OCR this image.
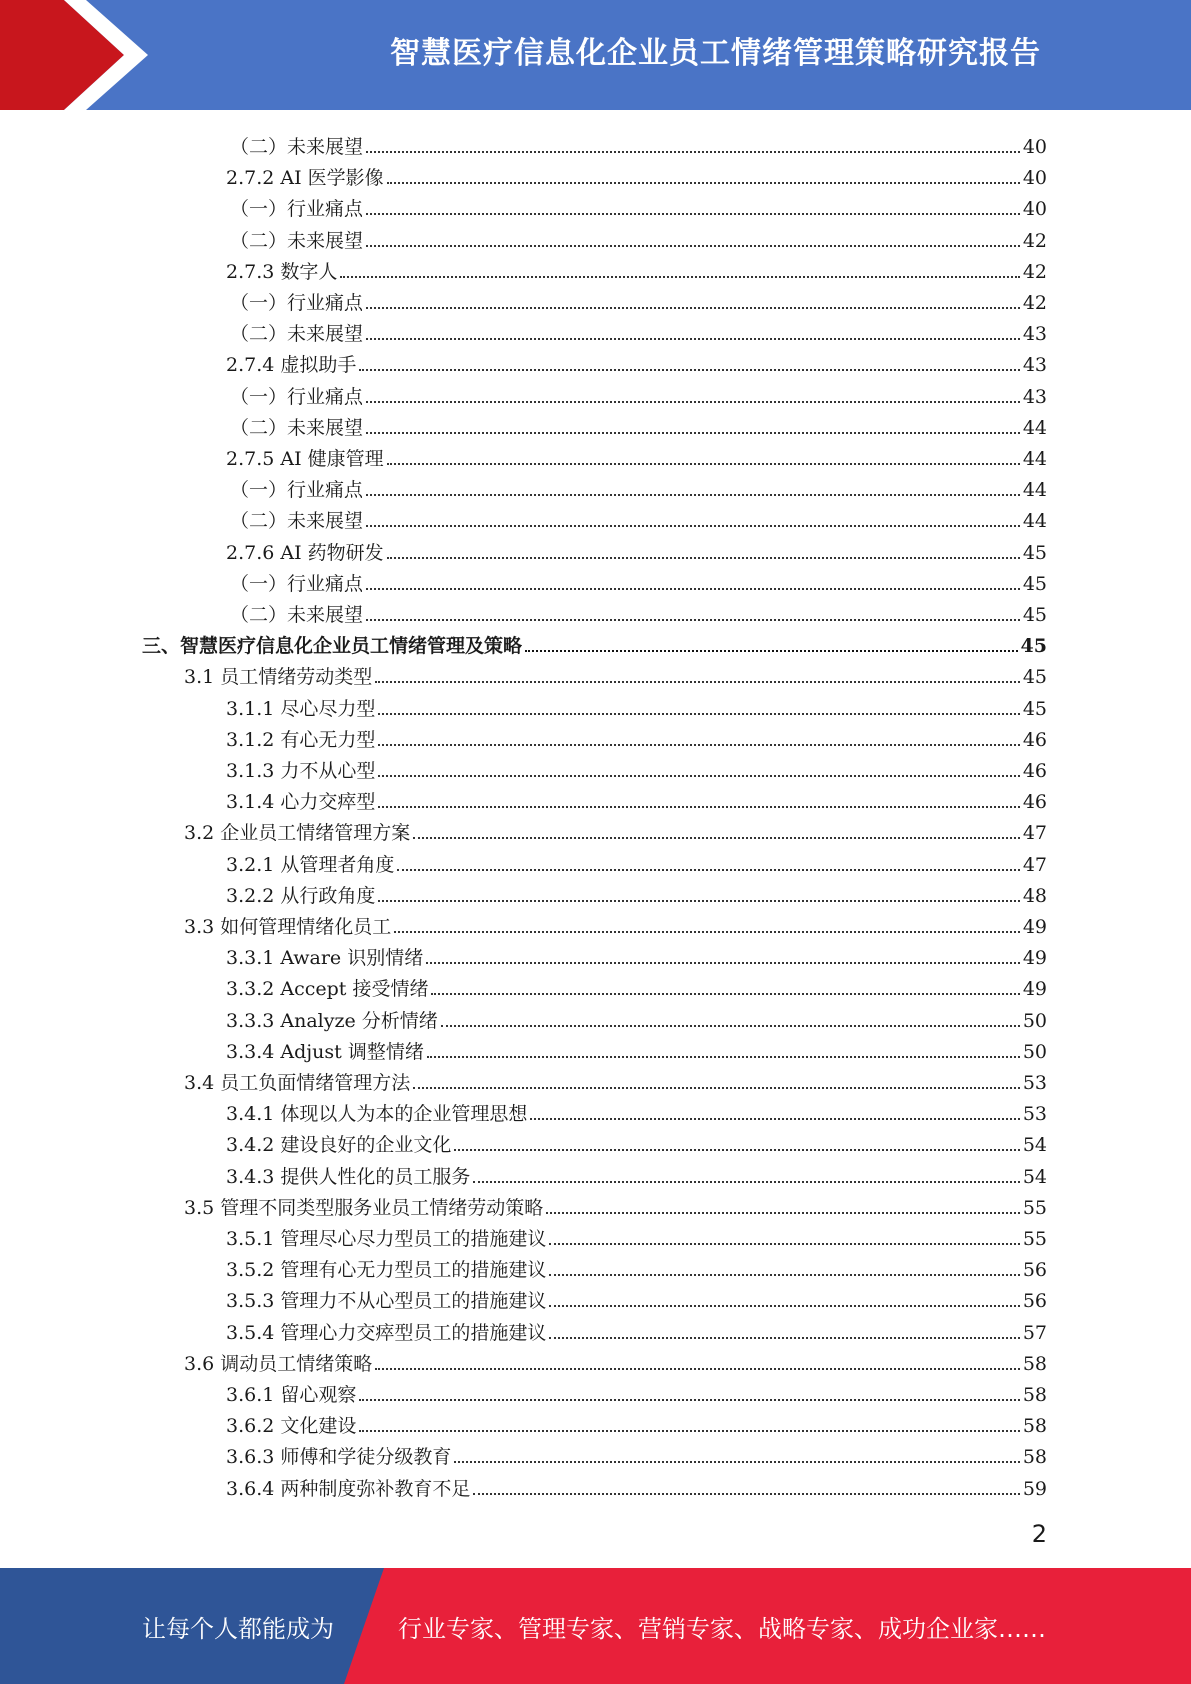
智慧医疗信息化企业员工情绪管理策略研究报告
（二）未来展望	40
2.7.2 AI 医学影像	40
（一）行业痛点	40
（二）未来展望	42
2.7.3 数字人	42
（一）行业痛点	42
（二）未来展望	43
2.7.4 虚拟助手	43
（一）行业痛点	43
（二）未来展望	44
2.7.5 AI 健康管理	44
（一）行业痛点	44
（二）未来展望	44
2.7.6 AI 药物研发	45
（一）行业痛点	45
（二）未来展望	45
三、智慧医疗信息化企业员工情绪管理及策略	45
3.1 员工情绪劳动类型	45
3.1.1 尽心尽力型	45
3.1.2 有心无力型	46
3.1.3 力不从心型	46
3.1.4 心力交瘁型	46
3.2 企业员工情绪管理方案	47
3.2.1 从管理者角度	47
3.2.2 从行政角度	48
3.3 如何管理情绪化员工	49
3.3.1 Aware 识别情绪	49
3.3.2 Accept 接受情绪	49
3.3.3 Analyze 分析情绪	50
3.3.4 Adjust 调整情绪	50
3.4 员工负面情绪管理方法	53
3.4.1 体现以人为本的企业管理思想	53
3.4.2 建设良好的企业文化	54
3.4.3 提供人性化的员工服务	54
3.5 管理不同类型服务业员工情绪劳动策略	55
3.5.1 管理尽心尽力型员工的措施建议	55
3.5.2 管理有心无力型员工的措施建议	56
3.5.3 管理力不从心型员工的措施建议	56
3.5.4 管理心力交瘁型员工的措施建议	57
3.6 调动员工情绪策略	58
3.6.1 留心观察	58
3.6.2 文化建设	58
3.6.3 师傅和学徒分级教育	58
3.6.4 两种制度弥补教育不足	59
2
让每个人都能成为	行业专家、管理专家、营销专家、战略专家、成功企业家……
